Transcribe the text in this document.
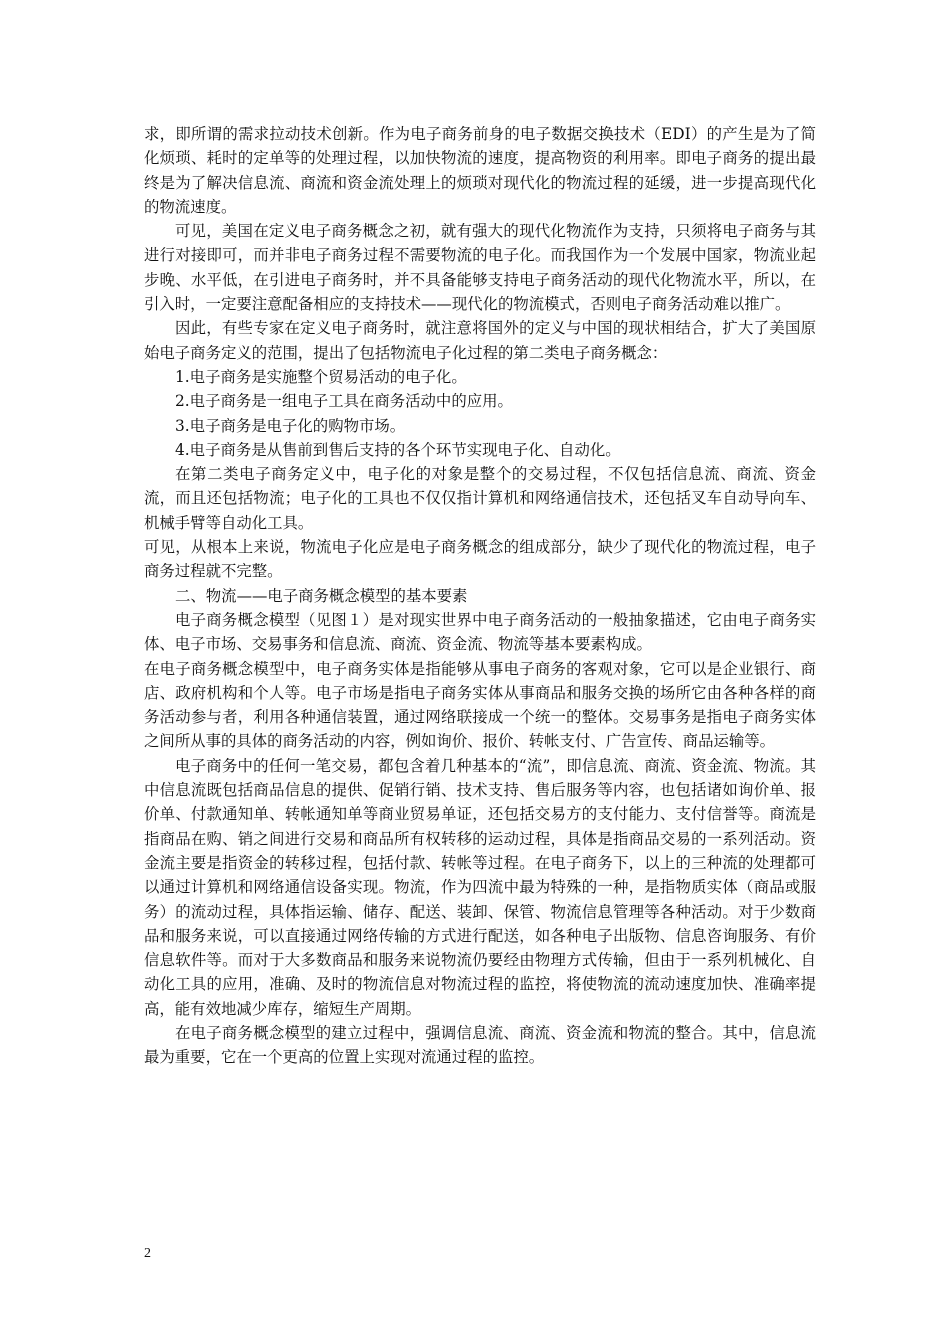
求，即所谓的需求拉动技术创新。作为电子商务前身的电子数据交换技术（EDI）的产生是为了简化烦琐、耗时的定单等的处理过程，以加快物流的速度，提高物资的利用率。即电子商务的提出最终是为了解决信息流、商流和资金流处理上的烦琐对现代化的物流过程的延缓，进一步提高现代化的物流速度。

可见，美国在定义电子商务概念之初，就有强大的现代化物流作为支持，只须将电子商务与其进行对接即可，而并非电子商务过程不需要物流的电子化。而我国作为一个发展中国家，物流业起步晚、水平低，在引进电子商务时，并不具备能够支持电子商务活动的现代化物流水平，所以，在引入时，一定要注意配备相应的支持技术——现代化的物流模式，否则电子商务活动难以推广。

因此，有些专家在定义电子商务时，就注意将国外的定义与中国的现状相结合，扩大了美国原始电子商务定义的范围，提出了包括物流电子化过程的第二类电子商务概念：

1.电子商务是实施整个贸易活动的电子化。

2.电子商务是一组电子工具在商务活动中的应用。

3.电子商务是电子化的购物市场。

4.电子商务是从售前到售后支持的各个环节实现电子化、自动化。

在第二类电子商务定义中，电子化的对象是整个的交易过程，不仅包括信息流、商流、资金流，而且还包括物流；电子化的工具也不仅仅指计算机和网络通信技术，还包括叉车自动导向车、机械手臂等自动化工具。

可见，从根本上来说，物流电子化应是电子商务概念的组成部分，缺少了现代化的物流过程，电子商务过程就不完整。

二、物流——电子商务概念模型的基本要素

电子商务概念模型（见图１）是对现实世界中电子商务活动的一般抽象描述，它由电子商务实体、电子市场、交易事务和信息流、商流、资金流、物流等基本要素构成。

在电子商务概念模型中，电子商务实体是指能够从事电子商务的客观对象，它可以是企业银行、商店、政府机构和个人等。电子市场是指电子商务实体从事商品和服务交换的场所它由各种各样的商务活动参与者，利用各种通信装置，通过网络联接成一个统一的整体。交易事务是指电子商务实体之间所从事的具体的商务活动的内容，例如询价、报价、转帐支付、广告宣传、商品运输等。

电子商务中的任何一笔交易，都包含着几种基本的“流”，即信息流、商流、资金流、物流。其中信息流既包括商品信息的提供、促销行销、技术支持、售后服务等内容，也包括诸如询价单、报价单、付款通知单、转帐通知单等商业贸易单证，还包括交易方的支付能力、支付信誉等。商流是指商品在购、销之间进行交易和商品所有权转移的运动过程，具体是指商品交易的一系列活动。资金流主要是指资金的转移过程，包括付款、转帐等过程。在电子商务下，以上的三种流的处理都可以通过计算机和网络通信设备实现。物流，作为四流中最为特殊的一种，是指物质实体（商品或服务）的流动过程，具体指运输、储存、配送、装卸、保管、物流信息管理等各种活动。对于少数商品和服务来说，可以直接通过网络传输的方式进行配送，如各种电子出版物、信息咨询服务、有价信息软件等。而对于大多数商品和服务来说物流仍要经由物理方式传输，但由于一系列机械化、自动化工具的应用，准确、及时的物流信息对物流过程的监控，将使物流的流动速度加快、准确率提高，能有效地减少库存，缩短生产周期。

在电子商务概念模型的建立过程中，强调信息流、商流、资金流和物流的整合。其中，信息流最为重要，它在一个更高的位置上实现对流通过程的监控。

2
